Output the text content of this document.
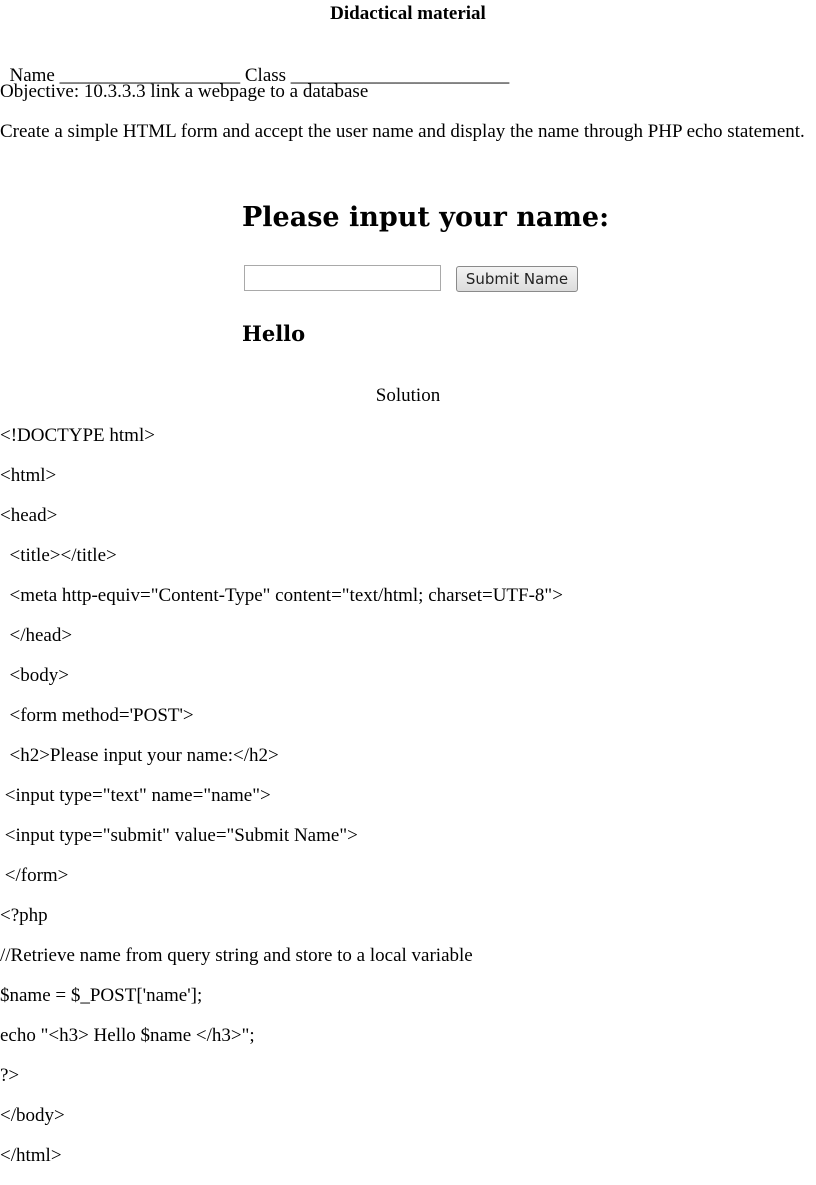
Didactical material

Name ___________________ Class _______________________

Objective: 10.3.3.3 link a webpage to a database
Create a simple HTML form and accept the user name and display the name through PHP echo statement.
Please input your name:
Submit Name
Hello
Solution
<!DOCTYPE html>
<html>
<head>
<title></title>
<meta http-equiv="Content-Type" content="text/html; charset=UTF-8">
</head>
<body>
<form method='POST'>
<h2>Please input your name:</h2>
<input type="text" name="name">
<input type="submit" value="Submit Name">
</form>
<?php
//Retrieve name from query string and store to a local variable
$name = $_POST['name'];
echo "<h3> Hello $name </h3>";
?>
</body>
</html>
